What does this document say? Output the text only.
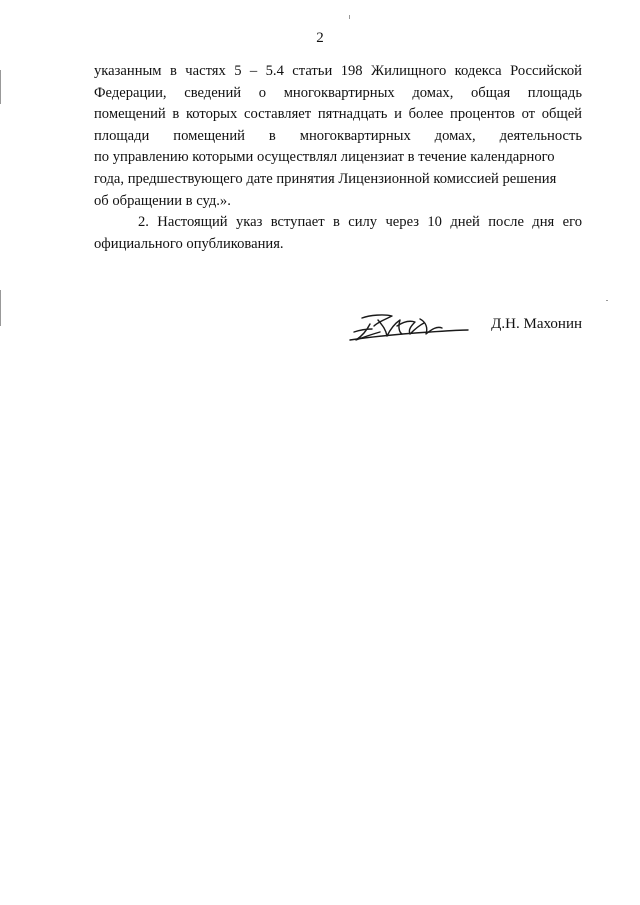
2
указанным в частях 5 – 5.4 статьи 198 Жилищного кодекса Российской
Федерации, сведений о многоквартирных домах, общая площадь
помещений в которых составляет пятнадцать и более процентов от общей
площади помещений в многоквартирных домах, деятельность
по управлению которыми осуществлял лицензиат в течение календарного
года, предшествующего дате принятия Лицензионной комиссией решения
об обращении в суд.».
2. Настоящий указ вступает в силу через 10 дней после дня его
официального опубликования.
Д.Н. Махонин
